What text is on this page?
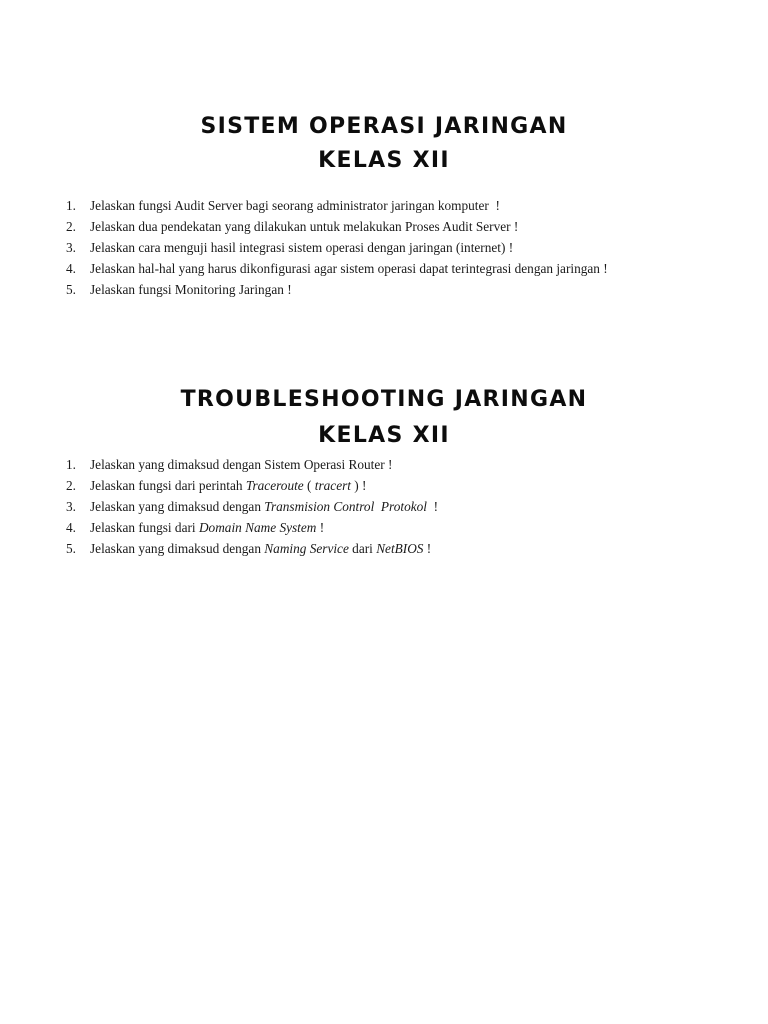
SISTEM OPERASI JARINGAN
KELAS XII
1. Jelaskan fungsi Audit Server bagi seorang administrator jaringan komputer  !
2. Jelaskan dua pendekatan yang dilakukan untuk melakukan Proses Audit Server !
3. Jelaskan cara menguji hasil integrasi sistem operasi dengan jaringan (internet) !
4. Jelaskan hal-hal yang harus dikonfigurasi agar sistem operasi dapat terintegrasi dengan jaringan !
5. Jelaskan fungsi Monitoring Jaringan !
TROUBLESHOOTING JARINGAN
KELAS XII
1. Jelaskan yang dimaksud dengan Sistem Operasi Router !
2. Jelaskan fungsi dari perintah Traceroute ( tracert ) !
3. Jelaskan yang dimaksud dengan Transmision Control  Protokol  !
4. Jelaskan fungsi dari Domain Name System !
5. Jelaskan yang dimaksud dengan Naming Service dari NetBIOS !
